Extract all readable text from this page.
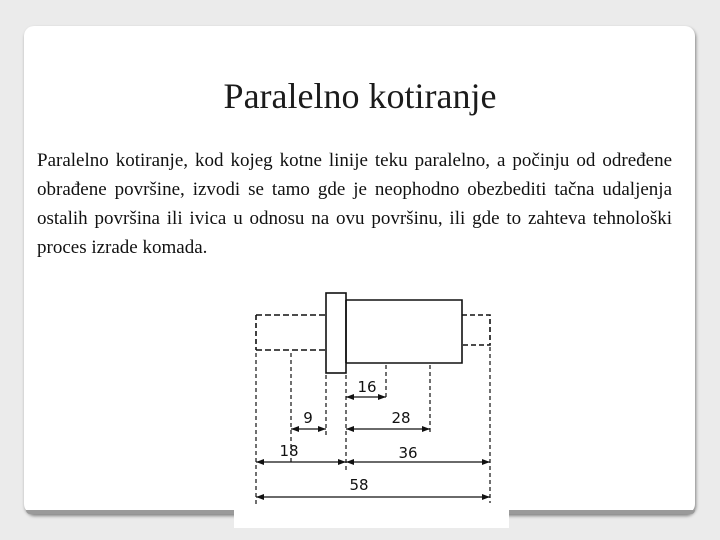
Paralelno kotiranje
Paralelno kotiranje, kod kojeg kotne linije teku paralelno, a počinju od određene obrađene površine, izvodi se tamo gde je neophodno obezbediti tačna udaljenja ostalih površina ili ivica u odnosu na ovu površinu, ili gde to zahteva tehnološki proces izrade komada.
16
9	28
18	36
58
